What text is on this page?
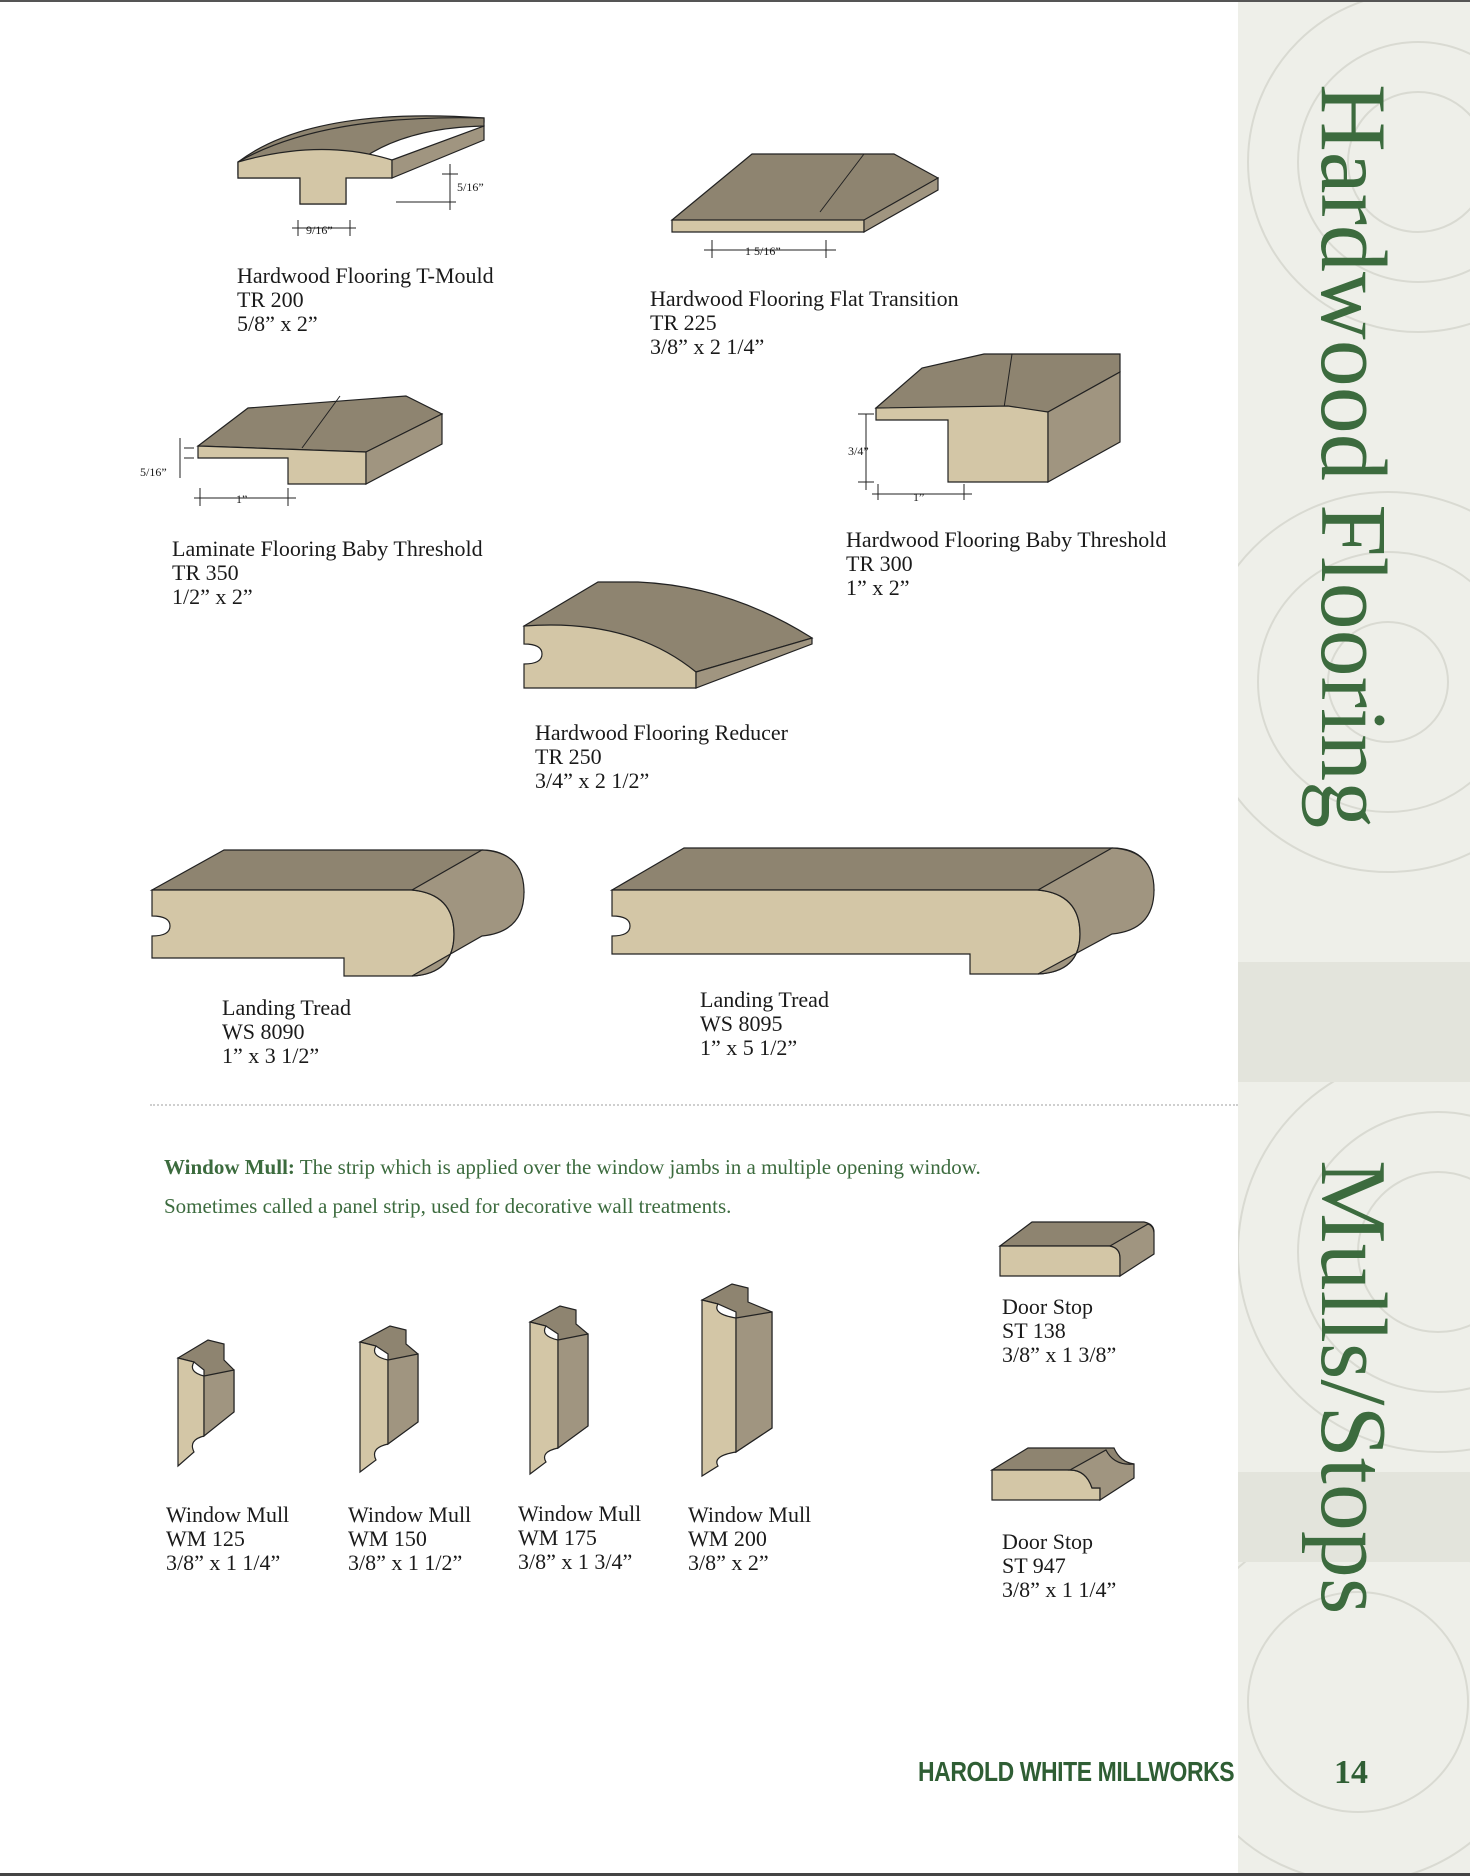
Hardwood Flooring
Mulls/Stops
5/16”
9/16”
Hardwood Flooring T-Mould
TR 200
5/8” x 2”
1 5/16”
Hardwood Flooring Flat Transition
TR 225
3/8” x 2 1/4”
5/16”
1”
Laminate Flooring Baby Threshold
TR 350
1/2” x 2”
3/4”
1”
Hardwood Flooring Baby Threshold
TR 300
1” x 2”
Hardwood Flooring Reducer
TR 250
3/4” x 2 1/2”
Landing Tread
WS 8090
1” x 3 1/2”
Landing Tread
WS 8095
1” x 5 1/2”
Window Mull: The strip which is applied over the window jambs in a multiple opening window. Sometimes called a panel strip, used for decorative wall treatments.
Window Mull
WM 125
3/8” x 1 1/4”
Window Mull
WM 150
3/8” x 1 1/2”
Window Mull
WM 175
3/8” x 1 3/4”
Window Mull
WM 200
3/8” x 2”
Door Stop
ST 138
3/8” x 1 3/8”
Door Stop
ST 947
3/8” x 1 1/4”
HAROLD WHITE MILLWORKS	14
